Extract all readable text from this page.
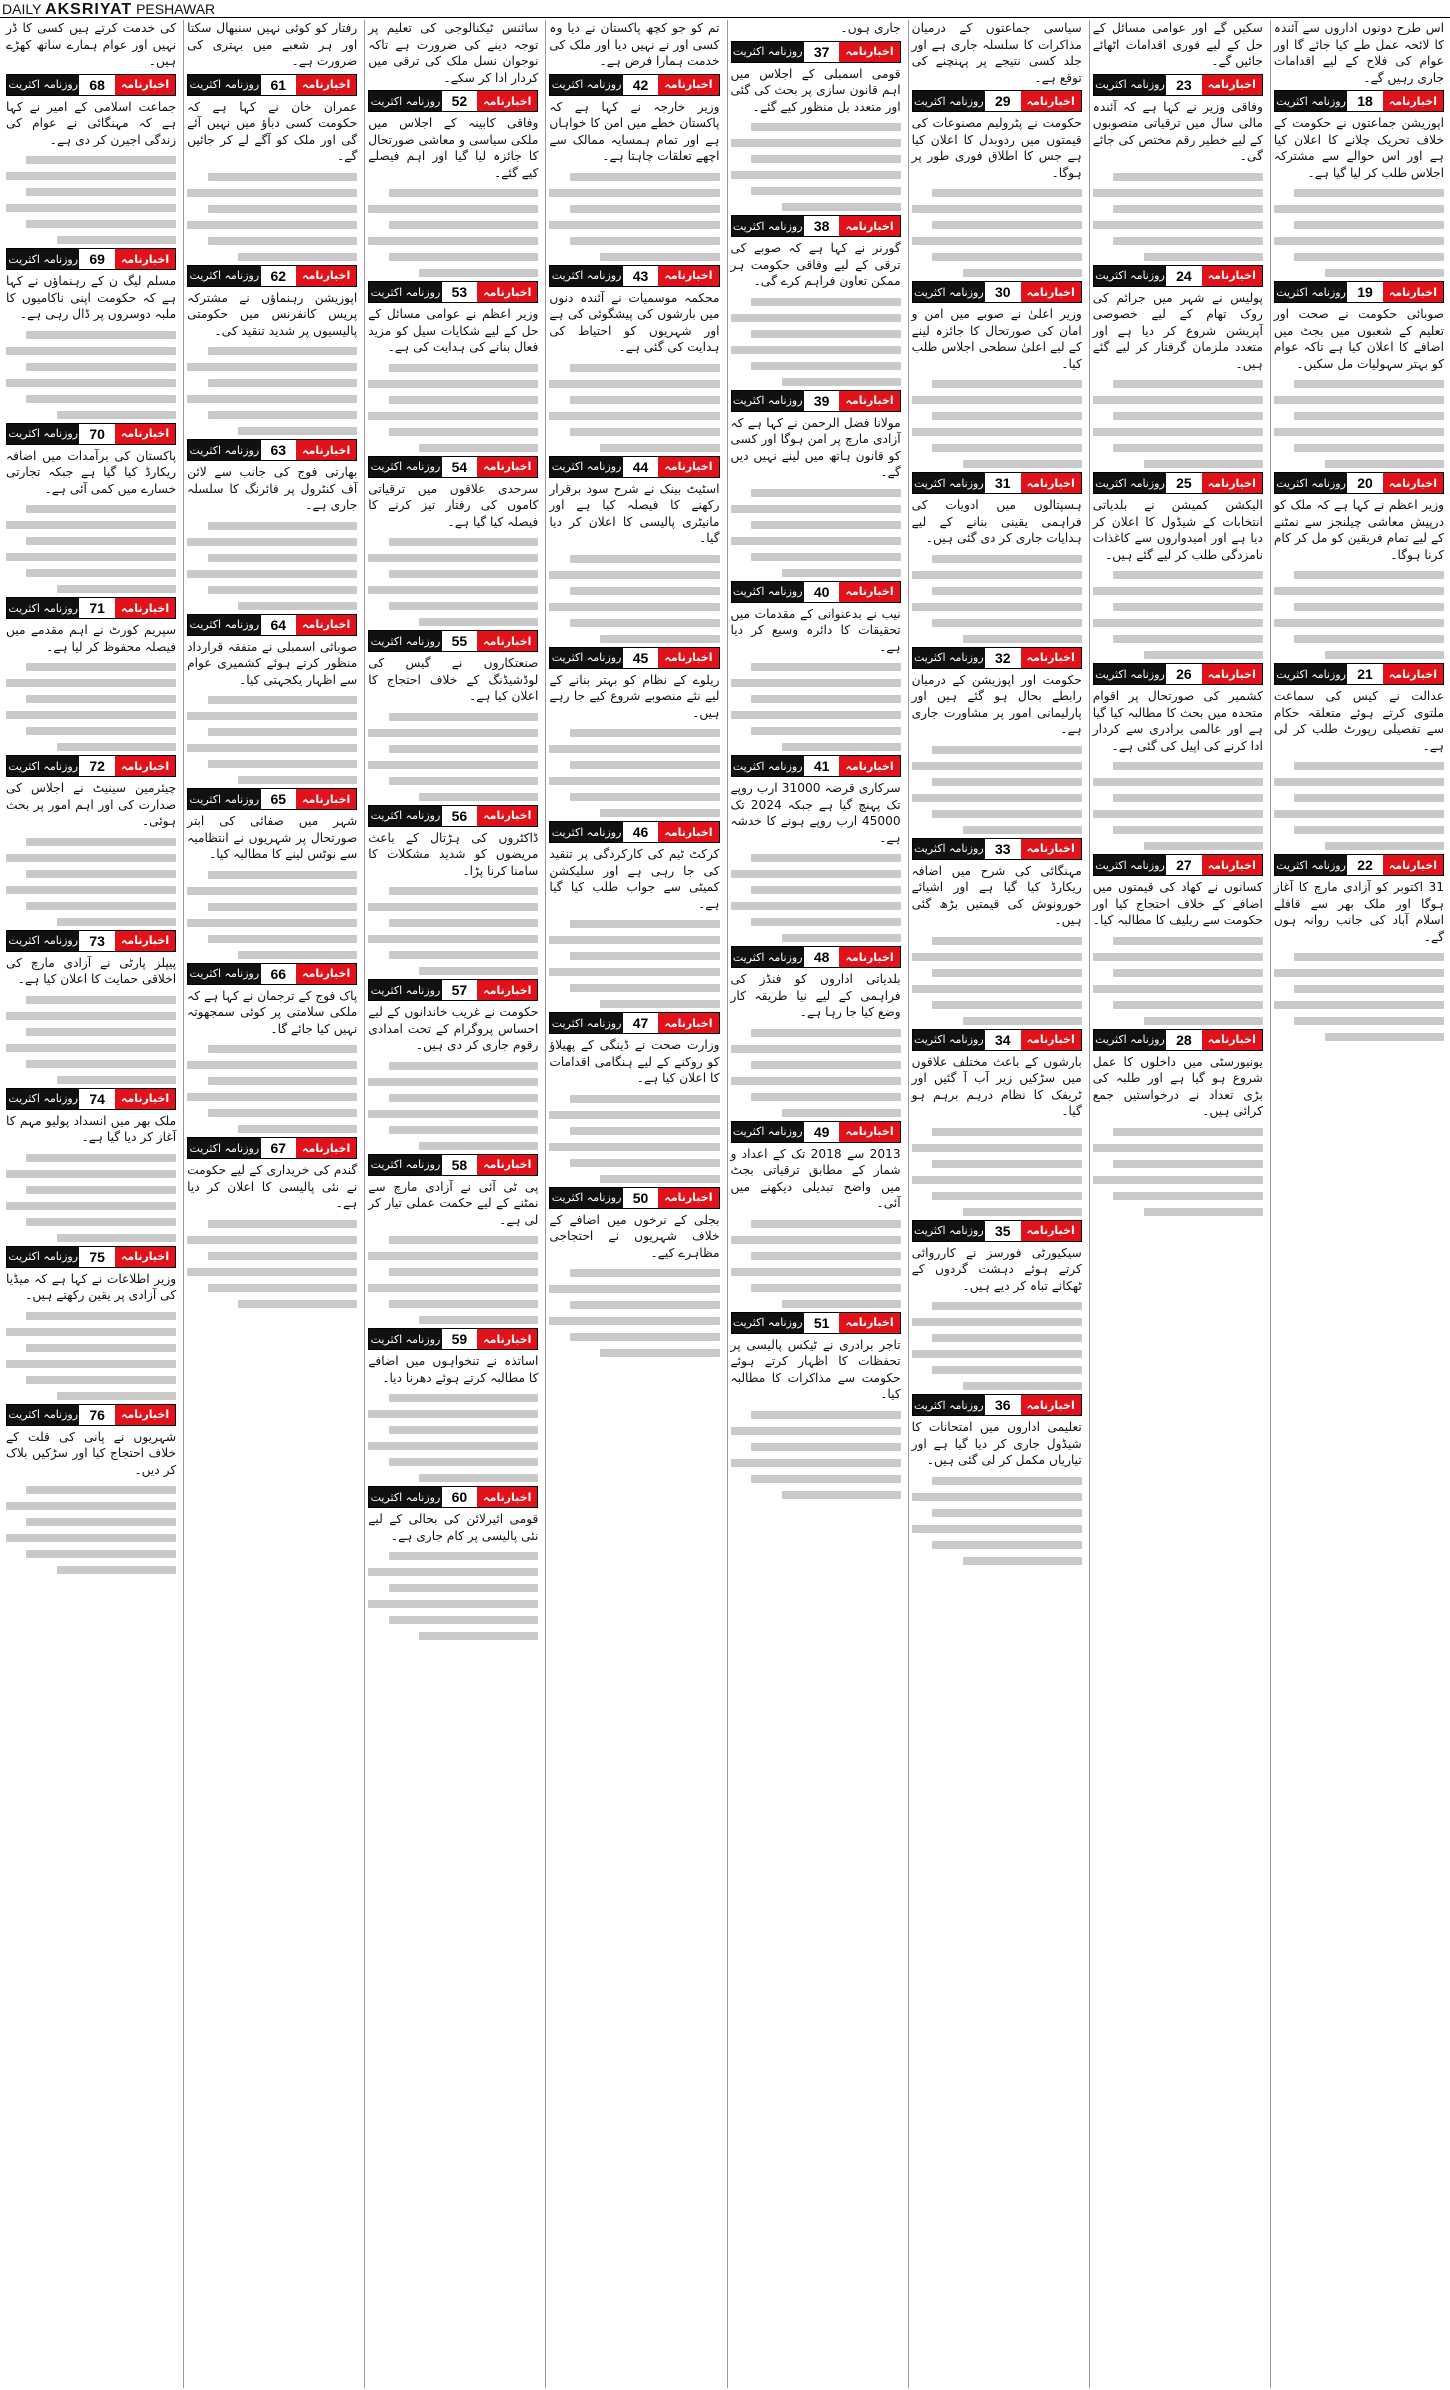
DAILY AKSRIYAT PESHAWAR

اس طرح دونوں اداروں سے آئندہ کا لائحہ عمل طے کیا جائے گا اور عوام کی فلاح کے لیے اقدامات جاری رہیں گے۔

اخبارنامہ
18
روزنامہ اکثریت

اپوزیشن جماعتوں نے حکومت کے خلاف تحریک چلانے کا اعلان کیا ہے اور اس حوالے سے مشترکہ اجلاس طلب کر لیا گیا ہے۔

اخبارنامہ
19
روزنامہ اکثریت

صوبائی حکومت نے صحت اور تعلیم کے شعبوں میں بجٹ میں اضافے کا اعلان کیا ہے تاکہ عوام کو بہتر سہولیات مل سکیں۔

اخبارنامہ
20
روزنامہ اکثریت

وزیر اعظم نے کہا ہے کہ ملک کو درپیش معاشی چیلنجز سے نمٹنے کے لیے تمام فریقین کو مل کر کام کرنا ہوگا۔

اخبارنامہ
21
روزنامہ اکثریت

عدالت نے کیس کی سماعت ملتوی کرتے ہوئے متعلقہ حکام سے تفصیلی رپورٹ طلب کر لی ہے۔

اخبارنامہ
22
روزنامہ اکثریت

31 اکتوبر کو آزادی مارچ کا آغاز ہوگا اور ملک بھر سے قافلے اسلام آباد کی جانب روانہ ہوں گے۔

سکیں گے اور عوامی مسائل کے حل کے لیے فوری اقدامات اٹھائے جائیں گے۔

اخبارنامہ
23
روزنامہ اکثریت

وفاقی وزیر نے کہا ہے کہ آئندہ مالی سال میں ترقیاتی منصوبوں کے لیے خطیر رقم مختص کی جائے گی۔

اخبارنامہ
24
روزنامہ اکثریت

پولیس نے شہر میں جرائم کی روک تھام کے لیے خصوصی آپریشن شروع کر دیا ہے اور متعدد ملزمان گرفتار کر لیے گئے ہیں۔

اخبارنامہ
25
روزنامہ اکثریت

الیکشن کمیشن نے بلدیاتی انتخابات کے شیڈول کا اعلان کر دیا ہے اور امیدواروں سے کاغذات نامزدگی طلب کر لیے گئے ہیں۔

اخبارنامہ
26
روزنامہ اکثریت

کشمیر کی صورتحال پر اقوام متحدہ میں بحث کا مطالبہ کیا گیا ہے اور عالمی برادری سے کردار ادا کرنے کی اپیل کی گئی ہے۔

اخبارنامہ
27
روزنامہ اکثریت

کسانوں نے کھاد کی قیمتوں میں اضافے کے خلاف احتجاج کیا اور حکومت سے ریلیف کا مطالبہ کیا۔

اخبارنامہ
28
روزنامہ اکثریت

یونیورسٹی میں داخلوں کا عمل شروع ہو گیا ہے اور طلبہ کی بڑی تعداد نے درخواستیں جمع کرائی ہیں۔

سیاسی جماعتوں کے درمیان مذاکرات کا سلسلہ جاری ہے اور جلد کسی نتیجے پر پہنچنے کی توقع ہے۔

اخبارنامہ
29
روزنامہ اکثریت

حکومت نے پٹرولیم مصنوعات کی قیمتوں میں ردوبدل کا اعلان کیا ہے جس کا اطلاق فوری طور پر ہوگا۔

اخبارنامہ
30
روزنامہ اکثریت

وزیر اعلیٰ نے صوبے میں امن و امان کی صورتحال کا جائزہ لینے کے لیے اعلیٰ سطحی اجلاس طلب کیا۔

اخبارنامہ
31
روزنامہ اکثریت

ہسپتالوں میں ادویات کی فراہمی یقینی بنانے کے لیے ہدایات جاری کر دی گئی ہیں۔

اخبارنامہ
32
روزنامہ اکثریت

حکومت اور اپوزیشن کے درمیان رابطے بحال ہو گئے ہیں اور پارلیمانی امور پر مشاورت جاری ہے۔

اخبارنامہ
33
روزنامہ اکثریت

مہنگائی کی شرح میں اضافہ ریکارڈ کیا گیا ہے اور اشیائے خورونوش کی قیمتیں بڑھ گئی ہیں۔

اخبارنامہ
34
روزنامہ اکثریت

بارشوں کے باعث مختلف علاقوں میں سڑکیں زیر آب آ گئیں اور ٹریفک کا نظام درہم برہم ہو گیا۔

اخبارنامہ
35
روزنامہ اکثریت

سیکیورٹی فورسز نے کارروائی کرتے ہوئے دہشت گردوں کے ٹھکانے تباہ کر دیے ہیں۔

اخبارنامہ
36
روزنامہ اکثریت

تعلیمی اداروں میں امتحانات کا شیڈول جاری کر دیا گیا ہے اور تیاریاں مکمل کر لی گئی ہیں۔

جاری ہوں۔

اخبارنامہ
37
روزنامہ اکثریت

قومی اسمبلی کے اجلاس میں اہم قانون سازی پر بحث کی گئی اور متعدد بل منظور کیے گئے۔

اخبارنامہ
38
روزنامہ اکثریت

گورنر نے کہا ہے کہ صوبے کی ترقی کے لیے وفاقی حکومت ہر ممکن تعاون فراہم کرے گی۔

اخبارنامہ
39
روزنامہ اکثریت

مولانا فضل الرحمن نے کہا ہے کہ آزادی مارچ پر امن ہوگا اور کسی کو قانون ہاتھ میں لینے نہیں دیں گے۔

اخبارنامہ
40
روزنامہ اکثریت

نیب نے بدعنوانی کے مقدمات میں تحقیقات کا دائرہ وسیع کر دیا ہے۔

اخبارنامہ
41
روزنامہ اکثریت

سرکاری قرضہ 31000 ارب روپے تک پہنچ گیا ہے جبکہ 2024 تک 45000 ارب روپے ہونے کا خدشہ ہے۔

اخبارنامہ
48
روزنامہ اکثریت

بلدیاتی اداروں کو فنڈز کی فراہمی کے لیے نیا طریقہ کار وضع کیا جا رہا ہے۔

اخبارنامہ
49
روزنامہ اکثریت

2013 سے 2018 تک کے اعداد و شمار کے مطابق ترقیاتی بجٹ میں واضح تبدیلی دیکھنے میں آئی۔

اخبارنامہ
51
روزنامہ اکثریت

تاجر برادری نے ٹیکس پالیسی پر تحفظات کا اظہار کرتے ہوئے حکومت سے مذاکرات کا مطالبہ کیا۔

تم کو جو کچھ پاکستان نے دیا وہ کسی اور نے نہیں دیا اور ملک کی خدمت ہمارا فرض ہے۔

اخبارنامہ
42
روزنامہ اکثریت

وزیر خارجہ نے کہا ہے کہ پاکستان خطے میں امن کا خواہاں ہے اور تمام ہمسایہ ممالک سے اچھے تعلقات چاہتا ہے۔

اخبارنامہ
43
روزنامہ اکثریت

محکمہ موسمیات نے آئندہ دنوں میں بارشوں کی پیشگوئی کی ہے اور شہریوں کو احتیاط کی ہدایت کی گئی ہے۔

اخبارنامہ
44
روزنامہ اکثریت

اسٹیٹ بینک نے شرح سود برقرار رکھنے کا فیصلہ کیا ہے اور مانیٹری پالیسی کا اعلان کر دیا گیا۔

اخبارنامہ
45
روزنامہ اکثریت

ریلوے کے نظام کو بہتر بنانے کے لیے نئے منصوبے شروع کیے جا رہے ہیں۔

اخبارنامہ
46
روزنامہ اکثریت

کرکٹ ٹیم کی کارکردگی پر تنقید کی جا رہی ہے اور سلیکشن کمیٹی سے جواب طلب کیا گیا ہے۔

اخبارنامہ
47
روزنامہ اکثریت

وزارت صحت نے ڈینگی کے پھیلاؤ کو روکنے کے لیے ہنگامی اقدامات کا اعلان کیا ہے۔

اخبارنامہ
50
روزنامہ اکثریت

بجلی کے نرخوں میں اضافے کے خلاف شہریوں نے احتجاجی مظاہرے کیے۔

سائنس ٹیکنالوجی کی تعلیم پر توجہ دینے کی ضرورت ہے تاکہ نوجوان نسل ملک کی ترقی میں کردار ادا کر سکے۔

اخبارنامہ
52
روزنامہ اکثریت

وفاقی کابینہ کے اجلاس میں ملکی سیاسی و معاشی صورتحال کا جائزہ لیا گیا اور اہم فیصلے کیے گئے۔

اخبارنامہ
53
روزنامہ اکثریت

وزیر اعظم نے عوامی مسائل کے حل کے لیے شکایات سیل کو مزید فعال بنانے کی ہدایت کی ہے۔

اخبارنامہ
54
روزنامہ اکثریت

سرحدی علاقوں میں ترقیاتی کاموں کی رفتار تیز کرنے کا فیصلہ کیا گیا ہے۔

اخبارنامہ
55
روزنامہ اکثریت

صنعتکاروں نے گیس کی لوڈشیڈنگ کے خلاف احتجاج کا اعلان کیا ہے۔

اخبارنامہ
56
روزنامہ اکثریت

ڈاکٹروں کی ہڑتال کے باعث مریضوں کو شدید مشکلات کا سامنا کرنا پڑا۔

اخبارنامہ
57
روزنامہ اکثریت

حکومت نے غریب خاندانوں کے لیے احساس پروگرام کے تحت امدادی رقوم جاری کر دی ہیں۔

اخبارنامہ
58
روزنامہ اکثریت

پی ٹی آئی نے آزادی مارچ سے نمٹنے کے لیے حکمت عملی تیار کر لی ہے۔

اخبارنامہ
59
روزنامہ اکثریت

اساتذہ نے تنخواہوں میں اضافے کا مطالبہ کرتے ہوئے دھرنا دیا۔

اخبارنامہ
60
روزنامہ اکثریت

قومی ائیرلائن کی بحالی کے لیے نئی پالیسی پر کام جاری ہے۔

رفتار کو کوئی نہیں سنبھال سکتا اور ہر شعبے میں بہتری کی ضرورت ہے۔

اخبارنامہ
61
روزنامہ اکثریت

عمران خان نے کہا ہے کہ حکومت کسی دباؤ میں نہیں آئے گی اور ملک کو آگے لے کر جائیں گے۔

اخبارنامہ
62
روزنامہ اکثریت

اپوزیشن رہنماؤں نے مشترکہ پریس کانفرنس میں حکومتی پالیسیوں پر شدید تنقید کی۔

اخبارنامہ
63
روزنامہ اکثریت

بھارتی فوج کی جانب سے لائن آف کنٹرول پر فائرنگ کا سلسلہ جاری ہے۔

اخبارنامہ
64
روزنامہ اکثریت

صوبائی اسمبلی نے متفقہ قرارداد منظور کرتے ہوئے کشمیری عوام سے اظہار یکجہتی کیا۔

اخبارنامہ
65
روزنامہ اکثریت

شہر میں صفائی کی ابتر صورتحال پر شہریوں نے انتظامیہ سے نوٹس لینے کا مطالبہ کیا۔

اخبارنامہ
66
روزنامہ اکثریت

پاک فوج کے ترجمان نے کہا ہے کہ ملکی سلامتی پر کوئی سمجھوتہ نہیں کیا جائے گا۔

اخبارنامہ
67
روزنامہ اکثریت

گندم کی خریداری کے لیے حکومت نے نئی پالیسی کا اعلان کر دیا ہے۔

کی خدمت کرتے ہیں کسی کا ڈر نہیں اور عوام ہمارے ساتھ کھڑے ہیں۔

اخبارنامہ
68
روزنامہ اکثریت

جماعت اسلامی کے امیر نے کہا ہے کہ مہنگائی نے عوام کی زندگی اجیرن کر دی ہے۔

اخبارنامہ
69
روزنامہ اکثریت

مسلم لیگ ن کے رہنماؤں نے کہا ہے کہ حکومت اپنی ناکامیوں کا ملبہ دوسروں پر ڈال رہی ہے۔

اخبارنامہ
70
روزنامہ اکثریت

پاکستان کی برآمدات میں اضافہ ریکارڈ کیا گیا ہے جبکہ تجارتی خسارے میں کمی آئی ہے۔

اخبارنامہ
71
روزنامہ اکثریت

سپریم کورٹ نے اہم مقدمے میں فیصلہ محفوظ کر لیا ہے۔

اخبارنامہ
72
روزنامہ اکثریت

چیئرمین سینیٹ نے اجلاس کی صدارت کی اور اہم امور پر بحث ہوئی۔

اخبارنامہ
73
روزنامہ اکثریت

پیپلز پارٹی نے آزادی مارچ کی اخلاقی حمایت کا اعلان کیا ہے۔

اخبارنامہ
74
روزنامہ اکثریت

ملک بھر میں انسداد پولیو مہم کا آغاز کر دیا گیا ہے۔

اخبارنامہ
75
روزنامہ اکثریت

وزیر اطلاعات نے کہا ہے کہ میڈیا کی آزادی پر یقین رکھتے ہیں۔

اخبارنامہ
76
روزنامہ اکثریت

شہریوں نے پانی کی قلت کے خلاف احتجاج کیا اور سڑکیں بلاک کر دیں۔
